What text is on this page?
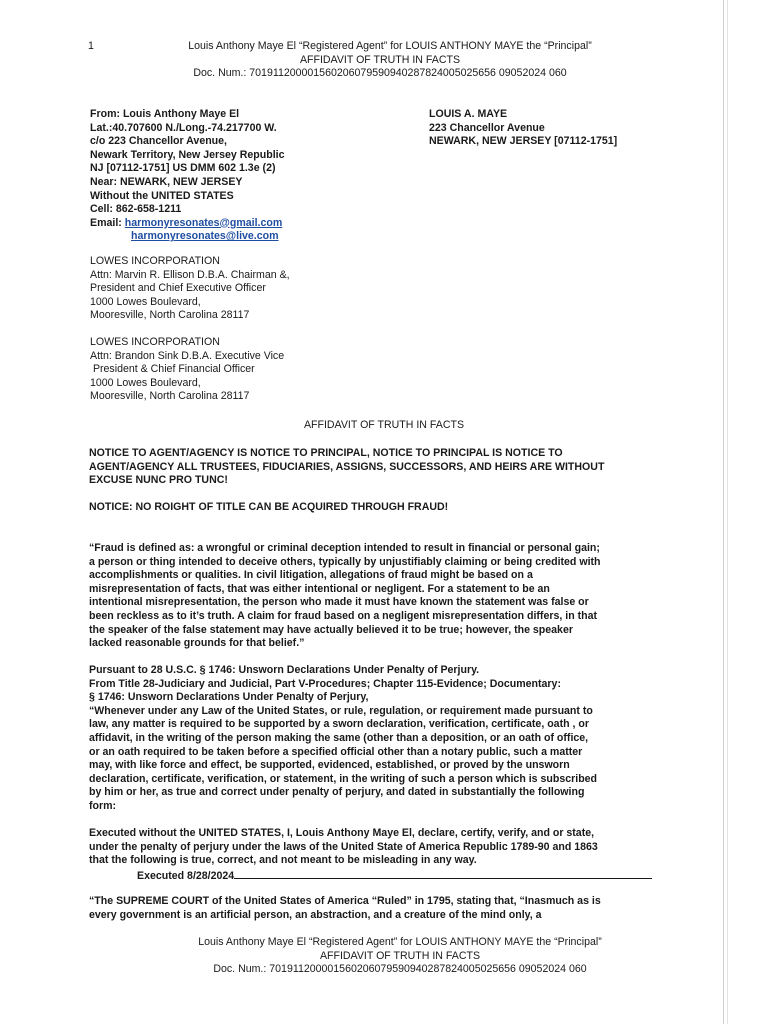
1	Louis Anthony Maye El “Registered Agent” for LOUIS ANTHONY MAYE the “Principal”
AFFIDAVIT OF TRUTH IN FACTS
Doc. Num.: 70191120000156020607959094028782400502565​6 09052024 060
From: Louis Anthony Maye El
Lat.:40.707600 N./Long.-74.217700 W.
c/o 223 Chancellor Avenue,
Newark Territory, New Jersey Republic
NJ [07112-1751] US DMM 602 1.3e (2)
Near: NEWARK, NEW JERSEY
Without the UNITED STATES
Cell: 862-658-1211
Email: harmonyresonates@gmail.com
harmonyresonates@live.com
LOUIS A. MAYE
223 Chancellor Avenue
NEWARK, NEW JERSEY [07112-1751]
LOWES INCORPORATION
Attn: Marvin R. Ellison D.B.A. Chairman &,
President and Chief Executive Officer
1000 Lowes Boulevard,
Mooresville, North Carolina 28117
LOWES INCORPORATION
Attn: Brandon Sink D.B.A. Executive Vice
President & Chief Financial Officer
1000 Lowes Boulevard,
Mooresville, North Carolina 28117
AFFIDAVIT OF TRUTH IN FACTS
NOTICE TO AGENT/AGENCY IS NOTICE TO PRINCIPAL, NOTICE TO PRINCIPAL IS NOTICE TO
AGENT/AGENCY ALL TRUSTEES, FIDUCIARIES, ASSIGNS, SUCCESSORS, AND HEIRS ARE WITHOUT
EXCUSE NUNC PRO TUNC!
NOTICE: NO ROIGHT OF TITLE CAN BE ACQUIRED THROUGH FRAUD!
“Fraud is defined as: a wrongful or criminal deception intended to result in financial or personal gain;
a person or thing intended to deceive others, typically by unjustifiably claiming or being credited with
accomplishments or qualities. In civil litigation, allegations of fraud might be based on a
misrepresentation of facts, that was either intentional or negligent. For a statement to be an
intentional misrepresentation, the person who made it must have known the statement was false or
been reckless as to it’s truth. A claim for fraud based on a negligent misrepresentation differs, in that
the speaker of the false statement may have actually believed it to be true; however, the speaker
lacked reasonable grounds for that belief.”
Pursuant to 28 U.S.C. § 1746: Unsworn Declarations Under Penalty of Perjury.
From Title 28-Judiciary and Judicial, Part V-Procedures; Chapter 115-Evidence; Documentary:
§ 1746: Unsworn Declarations Under Penalty of Perjury,
“Whenever under any Law of the United States, or rule, regulation, or requirement made pursuant to
law, any matter is required to be supported by a sworn declaration, verification, certificate, oath , or
affidavit, in the writing of the person making the same (other than a deposition, or an oath of office,
or an oath required to be taken before a specified official other than a notary public, such a matter
may, with like force and effect, be supported, evidenced, established, or proved by the unsworn
declaration, certificate, verification, or statement, in the writing of such a person which is subscribed
by him or her, as true and correct under penalty of perjury, and dated in substantially the following
form:
Executed without the UNITED STATES, I, Louis Anthony Maye El, declare, certify, verify, and or state,
under the penalty of perjury under the laws of the United State of America Republic 1789-90 and 1863
that the following is true, correct, and not meant to be misleading in any way.
Executed 8/28/2024
“The SUPREME COURT of the United States of America “Ruled” in 1795, stating that, “Inasmuch as is
every government is an artificial person, an abstraction, and a creature of the mind only, a
Louis Anthony Maye El “Registered Agent” for LOUIS ANTHONY MAYE the “Principal”
AFFIDAVIT OF TRUTH IN FACTS
Doc. Num.: 70191120000156020607959094028782400502565​6 09052024 060
